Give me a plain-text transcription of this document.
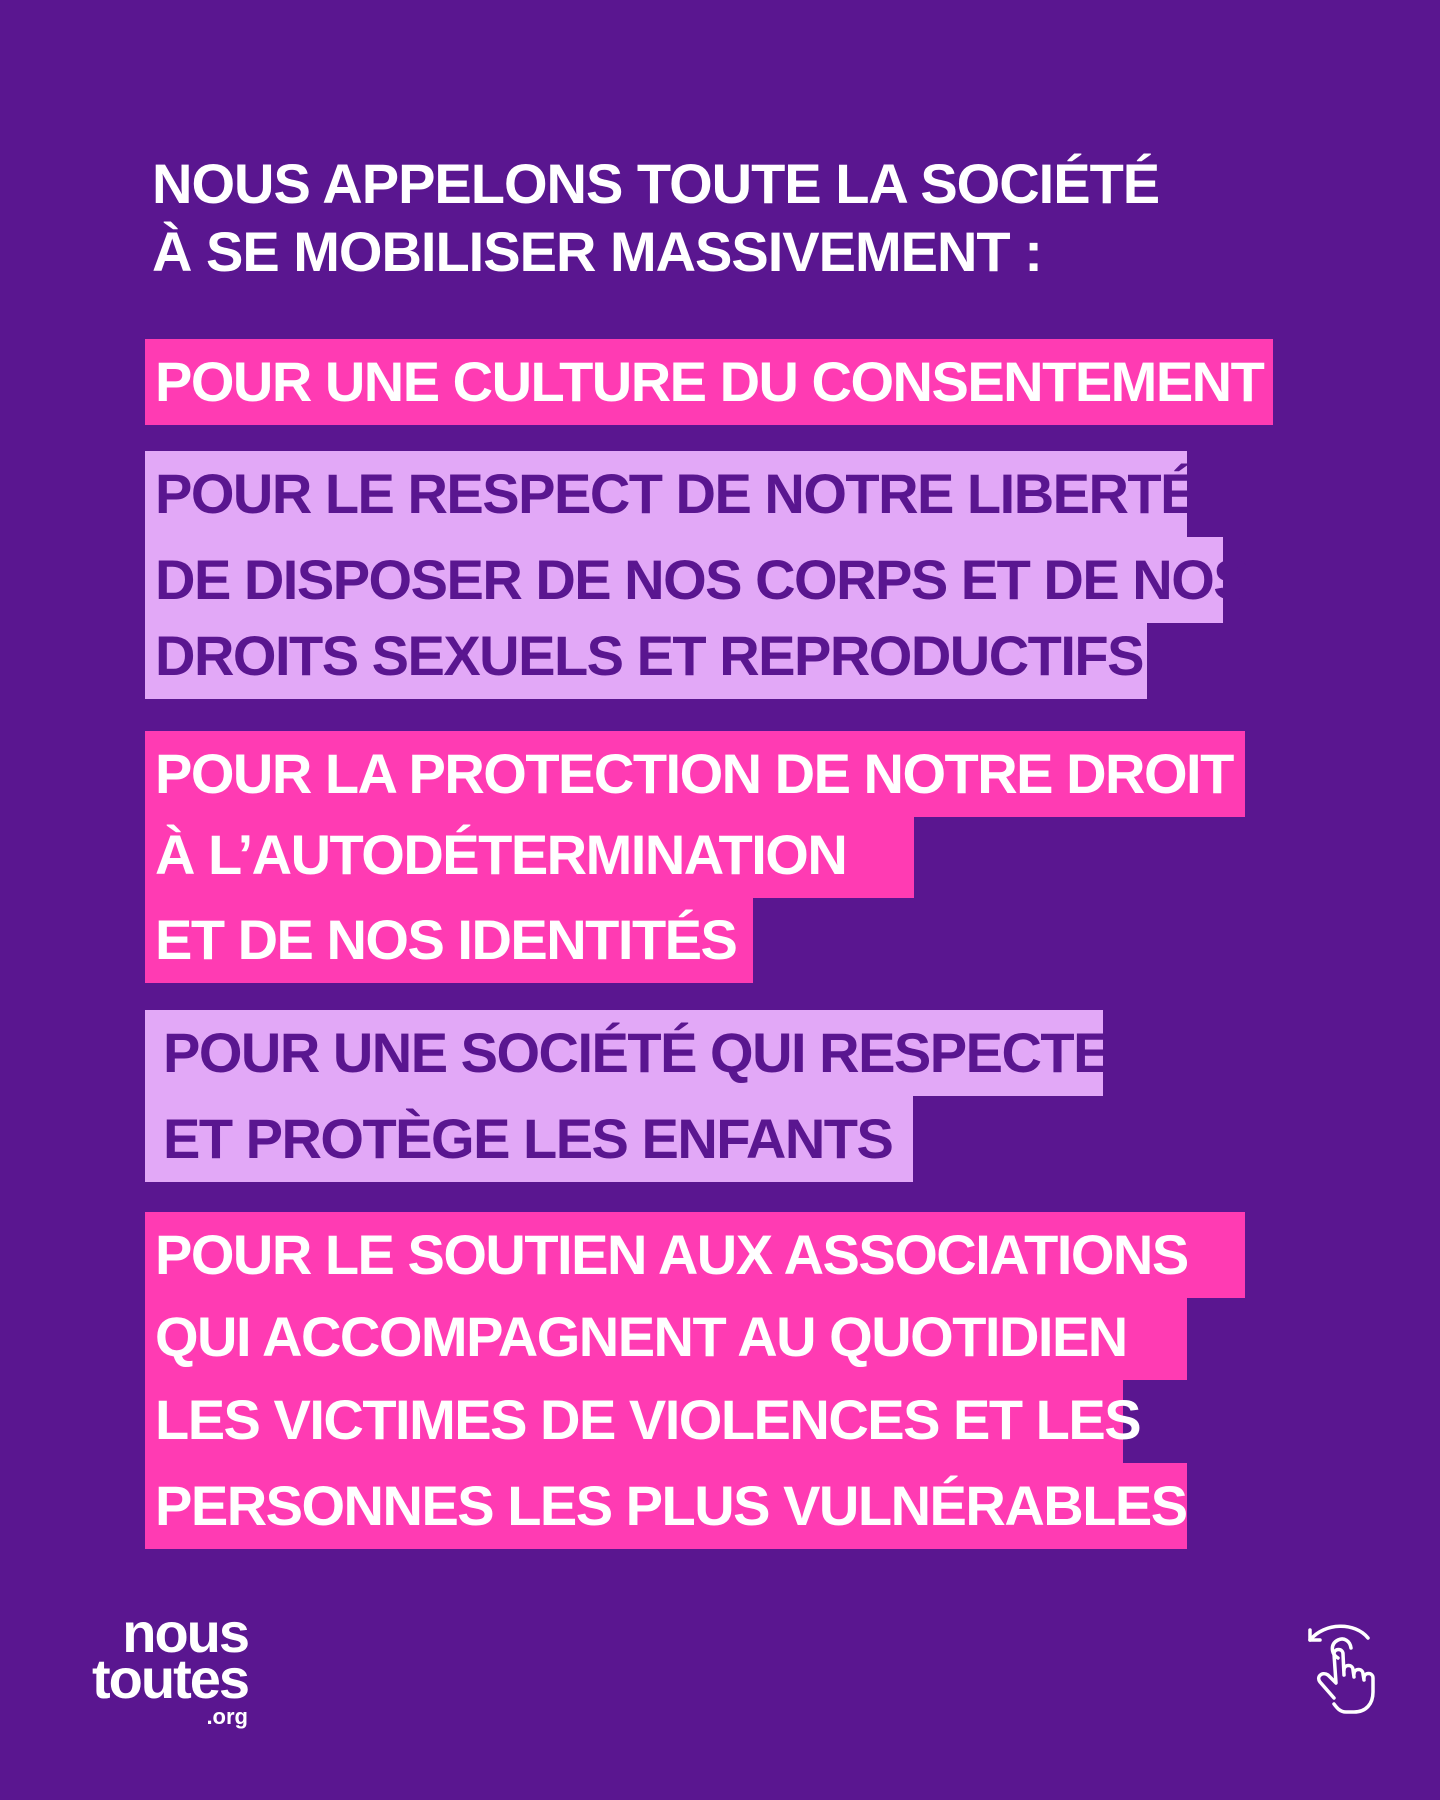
NOUS APPELONS TOUTE LA SOCIÉTÉ
À SE MOBILISER MASSIVEMENT :
POUR UNE CULTURE DU CONSENTEMENT
POUR LE RESPECT DE NOTRE LIBERTÉ
DE DISPOSER DE NOS CORPS ET DE NOS
DROITS SEXUELS ET REPRODUCTIFS
POUR LA PROTECTION DE NOTRE DROIT
À L’AUTODÉTERMINATION
ET DE NOS IDENTITÉS
POUR UNE SOCIÉTÉ QUI RESPECTE
ET PROTÈGE LES ENFANTS
POUR LE SOUTIEN AUX ASSOCIATIONS
QUI ACCOMPAGNENT AU QUOTIDIEN
LES VICTIMES DE VIOLENCES ET LES
PERSONNES LES PLUS VULNÉRABLES
nous
toutes
.org
